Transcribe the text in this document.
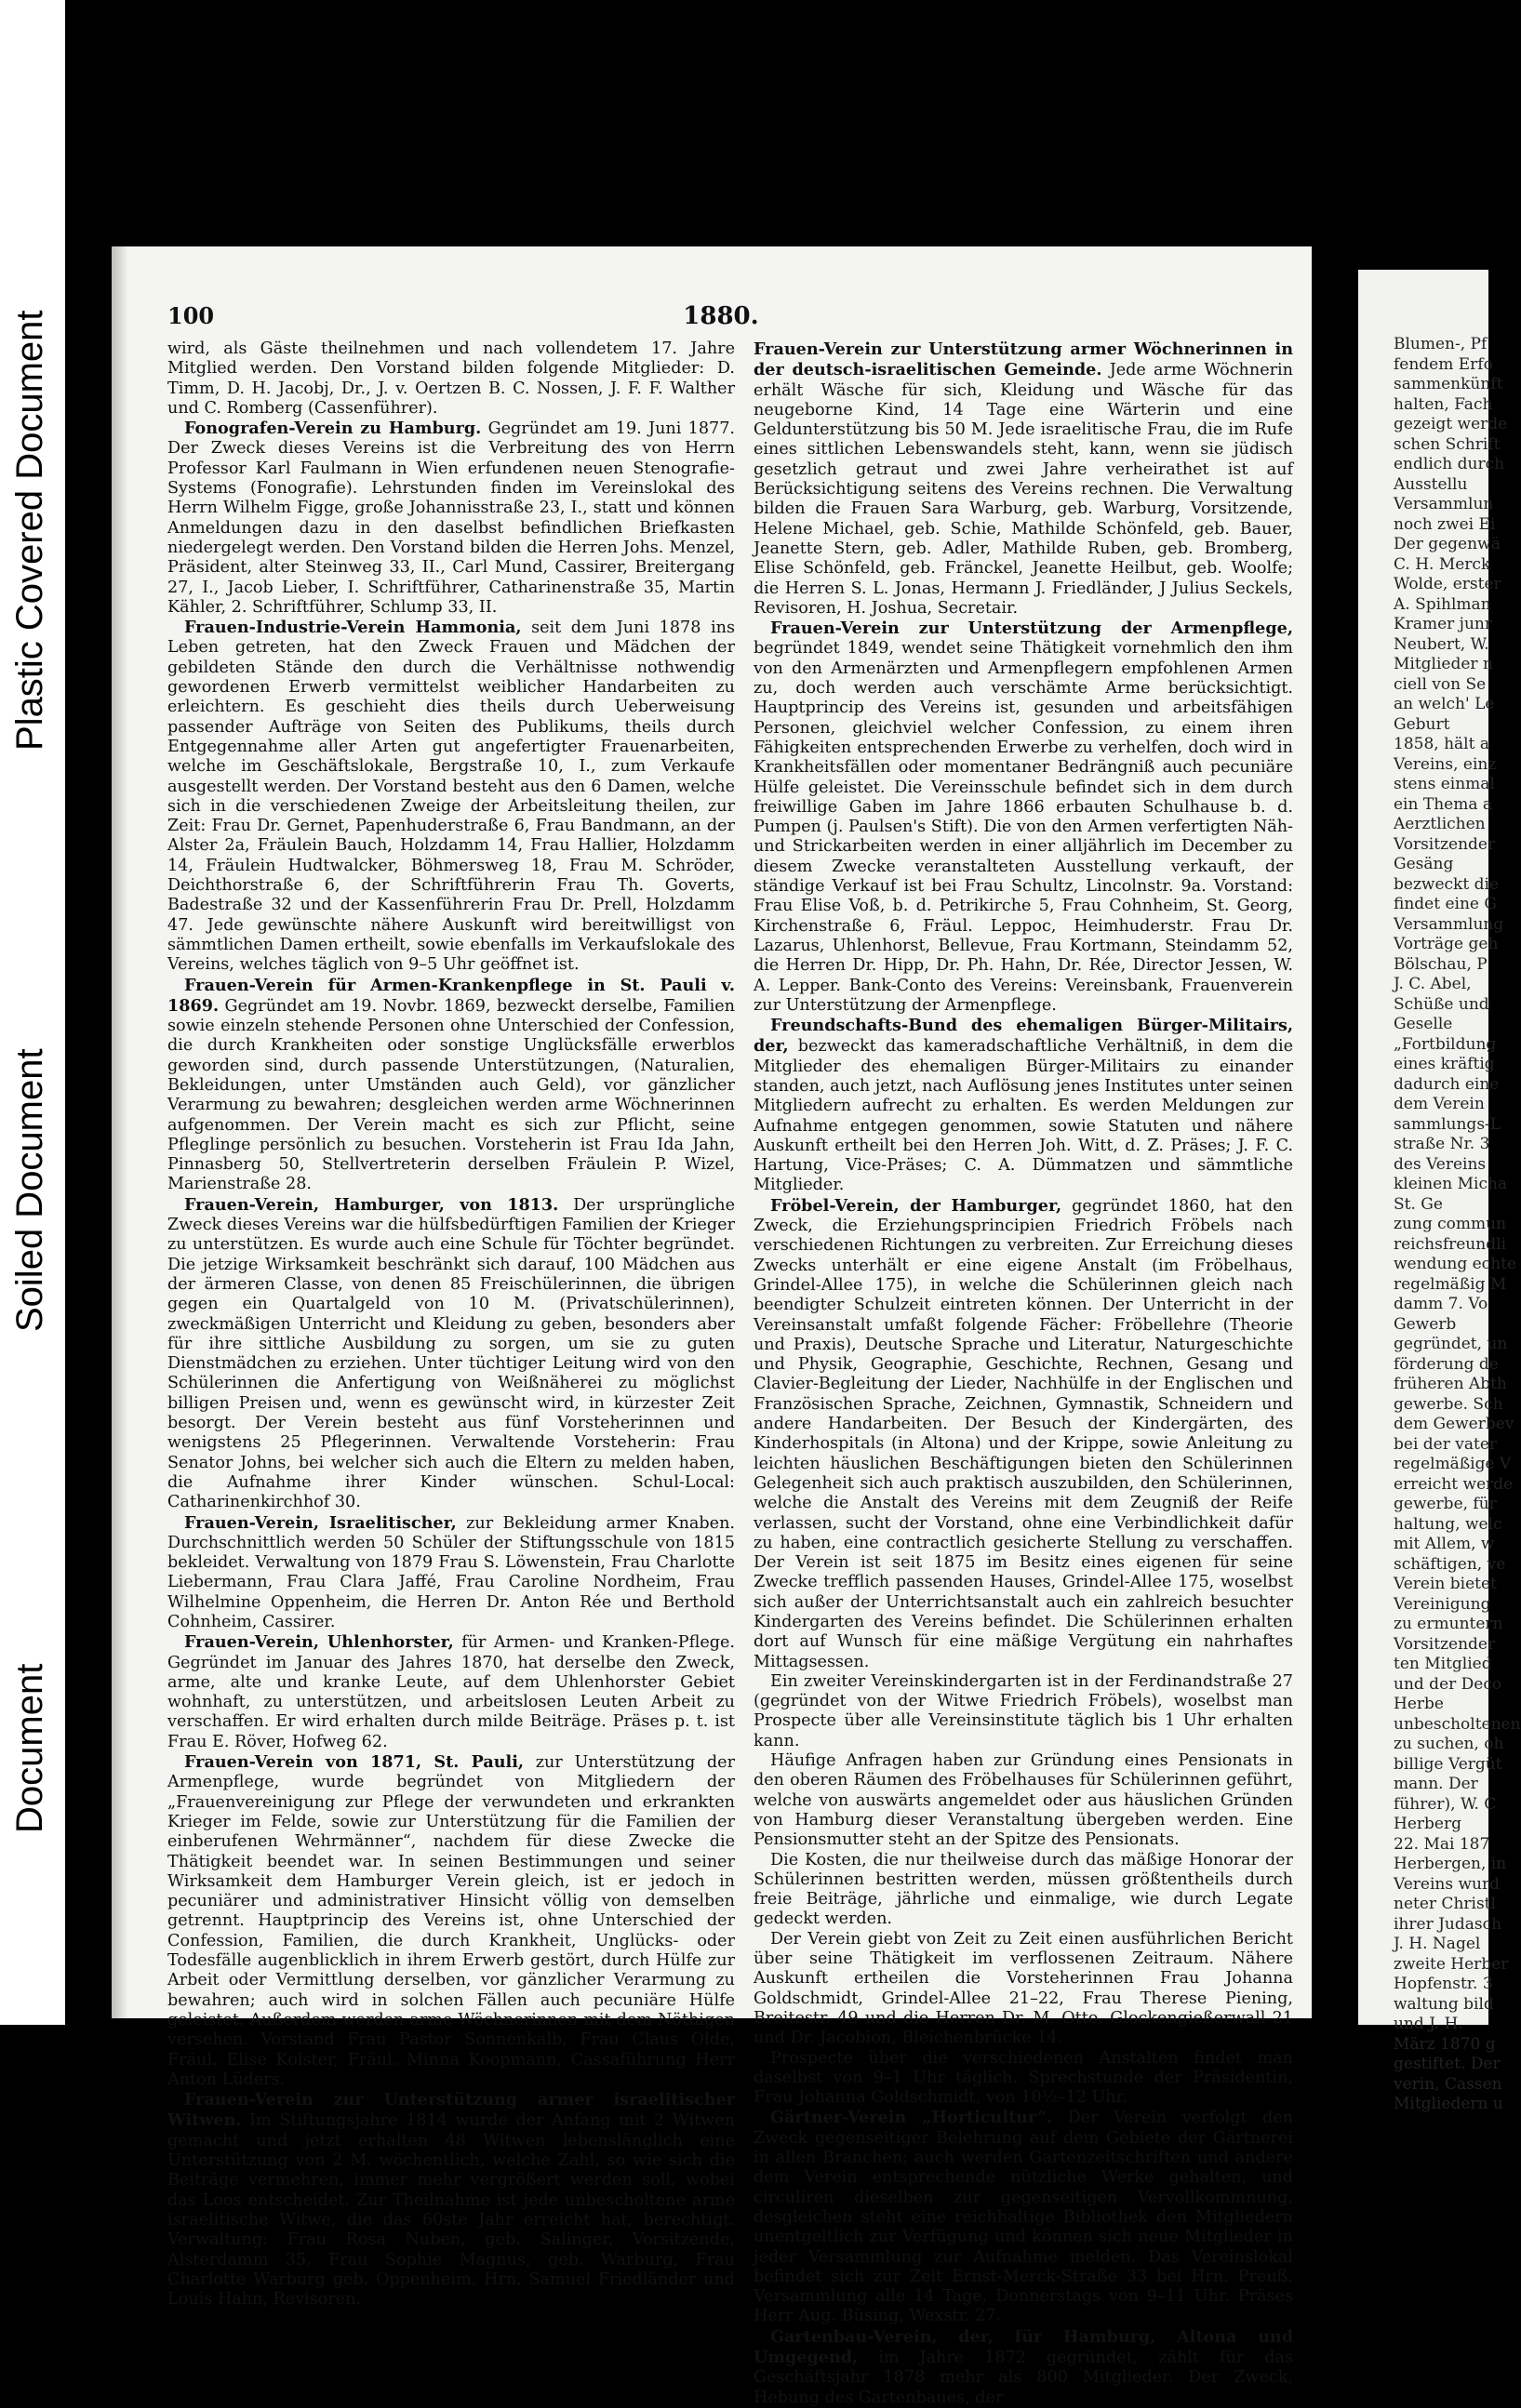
Plastic Covered Document
Soiled Document
Document
100	1880.

wird, als Gäste theilnehmen und nach vollendetem 17. Jahre Mitglied werden. Den Vorstand bilden folgende Mitglieder: D. Timm, D. H. Jacobj, Dr., J. v. Oertzen B. C. Nossen, J. F. F. Walther und C. Romberg (Cassenführer).

Fonografen-Verein zu Hamburg. Gegründet am 19. Juni 1877. Der Zweck dieses Vereins ist die Verbreitung des von Herrn Professor Karl Faulmann in Wien erfundenen neuen Stenografie-Systems (Fonografie). Lehrstunden finden im Vereinslokal des Herrn Wilhelm Figge, große Johannisstraße 23, I., statt und können Anmeldungen dazu in den daselbst befindlichen Briefkasten niedergelegt werden. Den Vorstand bilden die Herren Johs. Menzel, Präsident, alter Steinweg 33, II., Carl Mund, Cassirer, Breitergang 27, I., Jacob Lieber, I. Schriftführer, Catharinenstraße 35, Martin Kähler, 2. Schriftführer, Schlump 33, II.

Frauen-Industrie-Verein Hammonia, seit dem Juni 1878 ins Leben getreten, hat den Zweck Frauen und Mädchen der gebildeten Stände den durch die Verhältnisse nothwendig gewordenen Erwerb vermittelst weiblicher Handarbeiten zu erleichtern. Es geschieht dies theils durch Ueberweisung passender Aufträge von Seiten des Publikums, theils durch Entgegennahme aller Arten gut angefertigter Frauenarbeiten, welche im Geschäftslokale, Bergstraße 10, I., zum Verkaufe ausgestellt werden. Der Vorstand besteht aus den 6 Damen, welche sich in die verschiedenen Zweige der Arbeitsleitung theilen, zur Zeit: Frau Dr. Gernet, Papenhuderstraße 6, Frau Bandmann, an der Alster 2a, Fräulein Bauch, Holzdamm 14, Frau Hallier, Holzdamm 14, Fräulein Hudtwalcker, Böhmersweg 18, Frau M. Schröder, Deichthorstraße 6, der Schriftführerin Frau Th. Goverts, Badestraße 32 und der Kassenführerin Frau Dr. Prell, Holzdamm 47. Jede gewünschte nähere Auskunft wird bereitwilligst von sämmtlichen Damen ertheilt, sowie ebenfalls im Verkaufslokale des Vereins, welches täglich von 9–5 Uhr geöffnet ist.

Frauen-Verein für Armen-Krankenpflege in St. Pauli v. 1869. Gegründet am 19. Novbr. 1869, bezweckt derselbe, Familien sowie einzeln stehende Personen ohne Unterschied der Confession, die durch Krankheiten oder sonstige Unglücksfälle erwerblos geworden sind, durch passende Unterstützungen, (Naturalien, Bekleidungen, unter Umständen auch Geld), vor gänzlicher Verarmung zu bewahren; desgleichen werden arme Wöchnerinnen aufgenommen. Der Verein macht es sich zur Pflicht, seine Pfleglinge persönlich zu besuchen. Vorsteherin ist Frau Ida Jahn, Pinnasberg 50, Stellvertreterin derselben Fräulein P. Wizel, Marienstraße 28.

Frauen-Verein, Hamburger, von 1813. Der ursprüngliche Zweck dieses Vereins war die hülfsbedürftigen Familien der Krieger zu unterstützen. Es wurde auch eine Schule für Töchter begründet. Die jetzige Wirksamkeit beschränkt sich darauf, 100 Mädchen aus der ärmeren Classe, von denen 85 Freischülerinnen, die übrigen gegen ein Quartalgeld von 10 M. (Privatschülerinnen), zweckmäßigen Unterricht und Kleidung zu geben, besonders aber für ihre sittliche Ausbildung zu sorgen, um sie zu guten Dienstmädchen zu erziehen. Unter tüchtiger Leitung wird von den Schülerinnen die Anfertigung von Weißnäherei zu möglichst billigen Preisen und, wenn es gewünscht wird, in kürzester Zeit besorgt. Der Verein besteht aus fünf Vorsteherinnen und wenigstens 25 Pflegerinnen. Verwaltende Vorsteherin: Frau Senator Johns, bei welcher sich auch die Eltern zu melden haben, die Aufnahme ihrer Kinder wünschen. Schul-Local: Catharinenkirchhof 30.

Frauen-Verein, Israelitischer, zur Bekleidung armer Knaben. Durchschnittlich werden 50 Schüler der Stiftungsschule von 1815 bekleidet. Verwaltung von 1879 Frau S. Löwenstein, Frau Charlotte Liebermann, Frau Clara Jaffé, Frau Caroline Nordheim, Frau Wilhelmine Oppenheim, die Herren Dr. Anton Rée und Berthold Cohnheim, Cassirer.

Frauen-Verein, Uhlenhorster, für Armen- und Kranken-Pflege. Gegründet im Januar des Jahres 1870, hat derselbe den Zweck, arme, alte und kranke Leute, auf dem Uhlenhorster Gebiet wohnhaft, zu unterstützen, und arbeitslosen Leuten Arbeit zu verschaffen. Er wird erhalten durch milde Beiträge. Präses p. t. ist Frau E. Röver, Hofweg 62.

Frauen-Verein von 1871, St. Pauli, zur Unterstützung der Armenpflege, wurde begründet von Mitgliedern der „Frauenvereinigung zur Pflege der verwundeten und erkrankten Krieger im Felde, sowie zur Unterstützung für die Familien der einberufenen Wehrmänner“, nachdem für diese Zwecke die Thätigkeit beendet war. In seinen Bestimmungen und seiner Wirksamkeit dem Hamburger Verein gleich, ist er jedoch in pecuniärer und administrativer Hinsicht völlig von demselben getrennt. Hauptprincip des Vereins ist, ohne Unterschied der Confession, Familien, die durch Krankheit, Unglücks- oder Todesfälle augenblicklich in ihrem Erwerb gestört, durch Hülfe zur Arbeit oder Vermittlung derselben, vor gänzlicher Verarmung zu bewahren; auch wird in solchen Fällen auch pecuniäre Hülfe geleistet. Außerdem werden arme Wöchnerinnen mit dem Nöthigen versehen. Vorstand Frau Pastor Sonnenkalb, Frau Claus Olde, Fräul. Elise Kolster, Fräul. Minna Koopmann, Cassaführung Herr Anton Lüders.

Frauen-Verein zur Unterstützung armer israelitischer Witwen. Im Stiftungsjahre 1814 wurde der Anfang mit 2 Witwen gemacht und jetzt erhalten 48 Witwen lebenslänglich eine Unterstützung von 2 M. wöchentlich, welche Zahl, so wie sich die Beiträge vermehren, immer mehr vergrößert werden soll, wobei das Loos entscheidet. Zur Theilnahme ist jede unbescholtene arme israelitische Witwe, die das 60ste Jahr erreicht hat, berechtigt. Verwaltung: Frau Rosa Nuben, geb. Salinger, Vorsitzende, Alsterdamm 35, Frau Sophie Magnus, geb. Warburg, Frau Charlotte Warburg geb. Oppenheim, Hrn. Samuel Friedländer und Louis Hahn, Revisoren.

Frauen-Verein zur Unterstützung armer Wöchnerinnen in der deutsch-israelitischen Gemeinde. Jede arme Wöchnerin erhält Wäsche für sich, Kleidung und Wäsche für das neugeborne Kind, 14 Tage eine Wärterin und eine Geldunterstützung bis 50 M. Jede israelitische Frau, die im Rufe eines sittlichen Lebenswandels steht, kann, wenn sie jüdisch gesetzlich getraut und zwei Jahre verheirathet ist auf Berücksichtigung seitens des Vereins rechnen. Die Verwaltung bilden die Frauen Sara Warburg, geb. Warburg, Vorsitzende, Helene Michael, geb. Schie, Mathilde Schönfeld, geb. Bauer, Jeanette Stern, geb. Adler, Mathilde Ruben, geb. Bromberg, Elise Schönfeld, geb. Fränckel, Jeanette Heilbut, geb. Woolfe; die Herren S. L. Jonas, Hermann J. Friedländer, J Julius Seckels, Revisoren, H. Joshua, Secretair.

Frauen-Verein zur Unterstützung der Armenpflege, begründet 1849, wendet seine Thätigkeit vornehmlich den ihm von den Armenärzten und Armenpflegern empfohlenen Armen zu, doch werden auch verschämte Arme berücksichtigt. Hauptprincip des Vereins ist, gesunden und arbeitsfähigen Personen, gleichviel welcher Confession, zu einem ihren Fähigkeiten entsprechenden Erwerbe zu verhelfen, doch wird in Krankheitsfällen oder momentaner Bedrängniß auch pecuniäre Hülfe geleistet. Die Vereinsschule befindet sich in dem durch freiwillige Gaben im Jahre 1866 erbauten Schulhause b. d. Pumpen (j. Paulsen's Stift). Die von den Armen verfertigten Näh- und Strickarbeiten werden in einer alljährlich im December zu diesem Zwecke veranstalteten Ausstellung verkauft, der ständige Verkauf ist bei Frau Schultz, Lincolnstr. 9a. Vorstand: Frau Elise Voß, b. d. Petrikirche 5, Frau Cohnheim, St. Georg, Kirchenstraße 6, Fräul. Leppoc, Heimhuderstr. Frau Dr. Lazarus, Uhlenhorst, Bellevue, Frau Kortmann, Steindamm 52, die Herren Dr. Hipp, Dr. Ph. Hahn, Dr. Rée, Director Jessen, W. A. Lepper. Bank-Conto des Vereins: Vereinsbank, Frauenverein zur Unterstützung der Armenpflege.

Freundschafts-Bund des ehemaligen Bürger-Militairs, der, bezweckt das kameradschaftliche Verhältniß, in dem die Mitglieder des ehemaligen Bürger-Militairs zu einander standen, auch jetzt, nach Auflösung jenes Institutes unter seinen Mitgliedern aufrecht zu erhalten. Es werden Meldungen zur Aufnahme entgegen genommen, sowie Statuten und nähere Auskunft ertheilt bei den Herren Joh. Witt, d. Z. Präses; J. F. C. Hartung, Vice-Präses; C. A. Dümmatzen und sämmtliche Mitglieder.

Fröbel-Verein, der Hamburger, gegründet 1860, hat den Zweck, die Erziehungsprincipien Friedrich Fröbels nach verschiedenen Richtungen zu verbreiten. Zur Erreichung dieses Zwecks unterhält er eine eigene Anstalt (im Fröbelhaus, Grindel-Allee 175), in welche die Schülerinnen gleich nach beendigter Schulzeit eintreten können. Der Unterricht in der Vereinsanstalt umfaßt folgende Fächer: Fröbellehre (Theorie und Praxis), Deutsche Sprache und Literatur, Naturgeschichte und Physik, Geographie, Geschichte, Rechnen, Gesang und Clavier-Begleitung der Lieder, Nachhülfe in der Englischen und Französischen Sprache, Zeichnen, Gymnastik, Schneidern und andere Handarbeiten. Der Besuch der Kindergärten, des Kinderhospitals (in Altona) und der Krippe, sowie Anleitung zu leichten häuslichen Beschäftigungen bieten den Schülerinnen Gelegenheit sich auch praktisch auszubilden, den Schülerinnen, welche die Anstalt des Vereins mit dem Zeugniß der Reife verlassen, sucht der Vorstand, ohne eine Verbindlichkeit dafür zu haben, eine contractlich gesicherte Stellung zu verschaffen. Der Verein ist seit 1875 im Besitz eines eigenen für seine Zwecke trefflich passenden Hauses, Grindel-Allee 175, woselbst sich außer der Unterrichtsanstalt auch ein zahlreich besuchter Kindergarten des Vereins befindet. Die Schülerinnen erhalten dort auf Wunsch für eine mäßige Vergütung ein nahrhaftes Mittagsessen.

Ein zweiter Vereinskindergarten ist in der Ferdinandstraße 27 (gegründet von der Witwe Friedrich Fröbels), woselbst man Prospecte über alle Vereinsinstitute täglich bis 1 Uhr erhalten kann.

Häufige Anfragen haben zur Gründung eines Pensionats in den oberen Räumen des Fröbelhauses für Schülerinnen geführt, welche von auswärts angemeldet oder aus häuslichen Gründen von Hamburg dieser Veranstaltung übergeben werden. Eine Pensionsmutter steht an der Spitze des Pensionats.

Die Kosten, die nur theilweise durch das mäßige Honorar der Schülerinnen bestritten werden, müssen größtentheils durch freie Beiträge, jährliche und einmalige, wie durch Legate gedeckt werden.

Der Verein giebt von Zeit zu Zeit einen ausführlichen Bericht über seine Thätigkeit im verflossenen Zeitraum. Nähere Auskunft ertheilen die Vorsteherinnen Frau Johanna Goldschmidt, Grindel-Allee 21–22, Frau Therese Piening, Breitestr. 49 und die Herren Dr. M. Otto, Glockengießerwall 21 und Dr. Jacobion, Bleichenbrücke 14.

Prospecte über die verschiedenen Anstalten findet man daselbst von 9–1 Uhr täglich. Sprechstunde der Präsidentin, Frau Johanna Goldschmidt, von 10½–12 Uhr.

Gärtner-Verein „Horticultur“. Der Verein verfolgt den Zweck gegenseitiger Belehrung auf dem Gebiete der Gärtnerei in allen Branchen; auch werden Gartenzeitschriften und andere dem Verein entsprechende nützliche Werke gehalten, und circuliren dieselben zur gegenseitigen Vervollkommnung, desgleichen steht eine reichhaltige Bibliothek den Mitgliedern unentgeltlich zur Verfügung und können sich neue Mitglieder in jeder Versammlung zur Aufnahme melden. Das Vereinslokal befindet sich zur Zeit Ernst-Merck-Straße 33 bei Hrn. Preuß. Versammlung alle 14 Tage, Donnerstags von 9–11 Uhr. Präses Herr Aug. Büsing, Wexstr. 27.

Gartenbau-Verein, der, für Hamburg, Altona und Umgegend, im Jahre 1872 gegründet, zählt für das Geschäftsjahr 1878 mehr als 800 Mitglieder. Der Zweck, Hebung des Gartenbaues, der

Blumen-, Pf
fendem Erfo
sammenkünft
halten, Fach
gezeigt werde
schen Schrift
endlich durch
Ausstellu
Versammlun
noch zwei Ei
Der gegenwä
C. H. Merck
Wolde, erster
A. Spihlman
Kramer junr
Neubert, W.
Mitglieder n
ciell von Se
an welch' Le
Geburt
1858, hält a
Vereins, einz
stens einmal
ein Thema a
Aerztlichen
Vorsitzender
Gesäng
bezweckt die
findet eine G
Versammlung
Vorträge geh
Bölschau, P
J. C. Abel,
Schüße und
Geselle
„Fortbildung
eines kräftig
dadurch eine
dem Verein
sammlungs-L
straße Nr. 3
des Vereins
kleinen Micha
St. Ge
zung commun
reichsfreundli
wendung echte
regelmäßig M
damm 7. Vo
Gewerb
gegründet, un
förderung de
früheren Abth
gewerbe. Sch
dem Gewerbev
bei der vater
regelmäßige V
erreicht werde
gewerbe, für
haltung, welc
mit Allem, w
schäftigen, ve
Verein bietet
Vereinigung
zu ermuntern
Vorsitzender
ten Mitglied
und der Deco
Herbe
unbescholtenen
zu suchen, oh
billige Vergüt
mann. Der
führer), W. C
Herberg
22. Mai 187
Herbergen, in
Vereins wurd
neter Christl
ihrer Judasch
J. H. Nagel
zweite Herber
Hopfenstr. 3
waltung bild
und J. H.
März 1870 g
gestiftet. Der
verin, Cassen
Mitgliedern u
